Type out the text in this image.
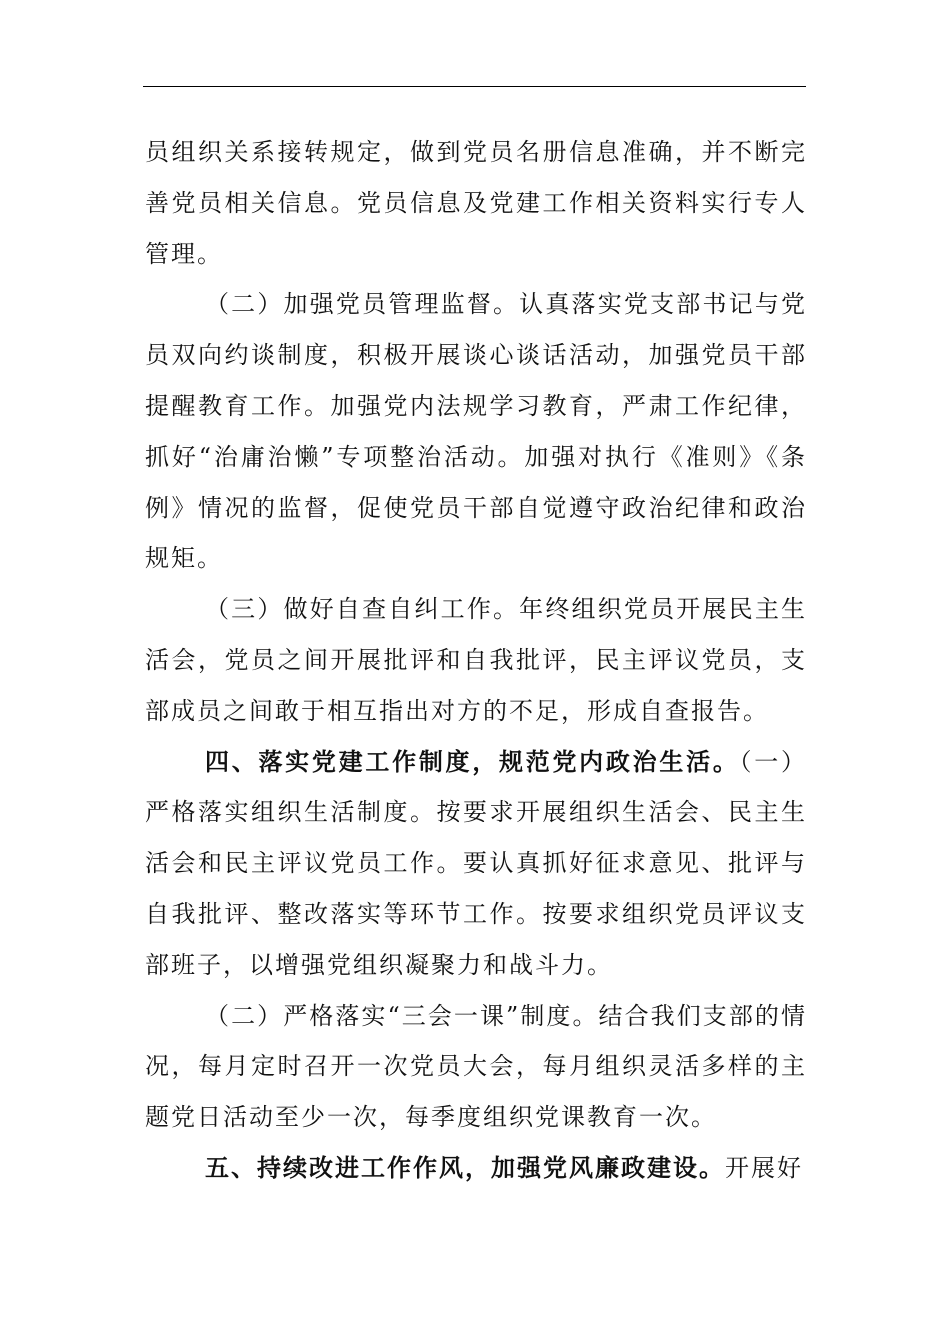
员组织关系接转规定，做到党员名册信息准确，并不断完善党员相关信息。党员信息及党建工作相关资料实行专人管理。

（二）加强党员管理监督。认真落实党支部书记与党员双向约谈制度，积极开展谈心谈话活动，加强党员干部提醒教育工作。加强党内法规学习教育，严肃工作纪律，抓好“治庸治懒”专项整治活动。加强对执行《准则》《条例》情况的监督，促使党员干部自觉遵守政治纪律和政治规矩。

（三）做好自查自纠工作。年终组织党员开展民主生活会，党员之间开展批评和自我批评，民主评议党员，支部成员之间敢于相互指出对方的不足，形成自查报告。

四、落实党建工作制度，规范党内政治生活。（一）严格落实组织生活制度。按要求开展组织生活会、民主生活会和民主评议党员工作。要认真抓好征求意见、批评与自我批评、整改落实等环节工作。按要求组织党员评议支部班子，以增强党组织凝聚力和战斗力。

（二）严格落实“三会一课”制度。结合我们支部的情况，每月定时召开一次党员大会，每月组织灵活多样的主题党日活动至少一次，每季度组织党课教育一次。

五、持续改进工作作风，加强党风廉政建设。开展好
